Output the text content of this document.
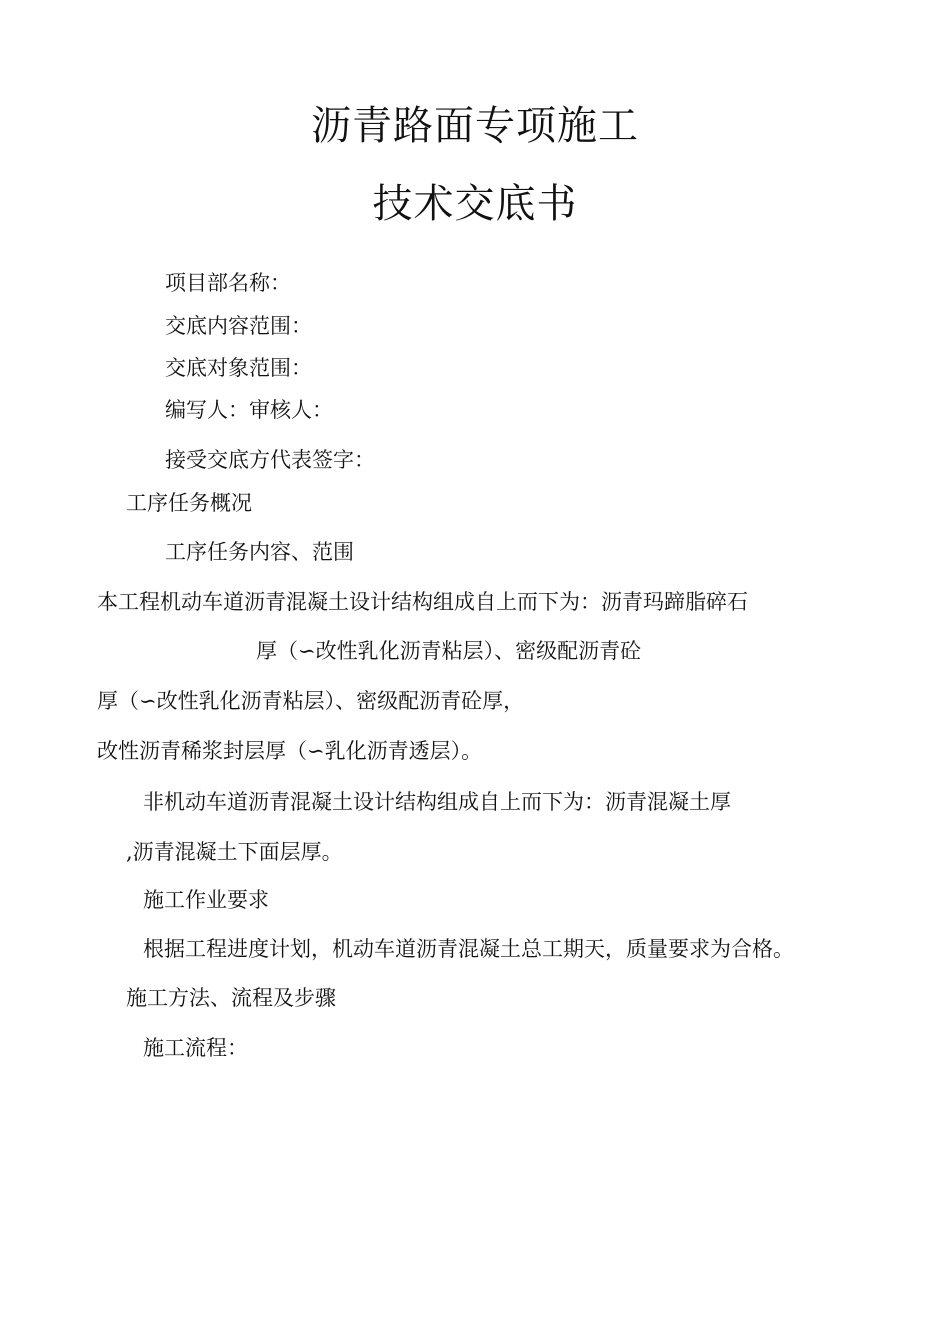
沥青路面专项施工
技术交底书

项目部名称：

交底内容范围：

交底对象范围：

编写人：审核人：

接受交底方代表签字：

工序任务概况

工序任务内容、范围

本工程机动车道沥青混凝土设计结构组成自上而下为：沥青玛蹄脂碎石

厚（∽改性乳化沥青粘层）、密级配沥青砼

厚（∽改性乳化沥青粘层）、密级配沥青砼厚，

改性沥青稀浆封层厚（∽乳化沥青透层）。

非机动车道沥青混凝土设计结构组成自上而下为：沥青混凝土厚

,沥青混凝土下面层厚。

施工作业要求

根据工程进度计划，机动车道沥青混凝土总工期天，质量要求为合格。

施工方法、流程及步骤

施工流程：
